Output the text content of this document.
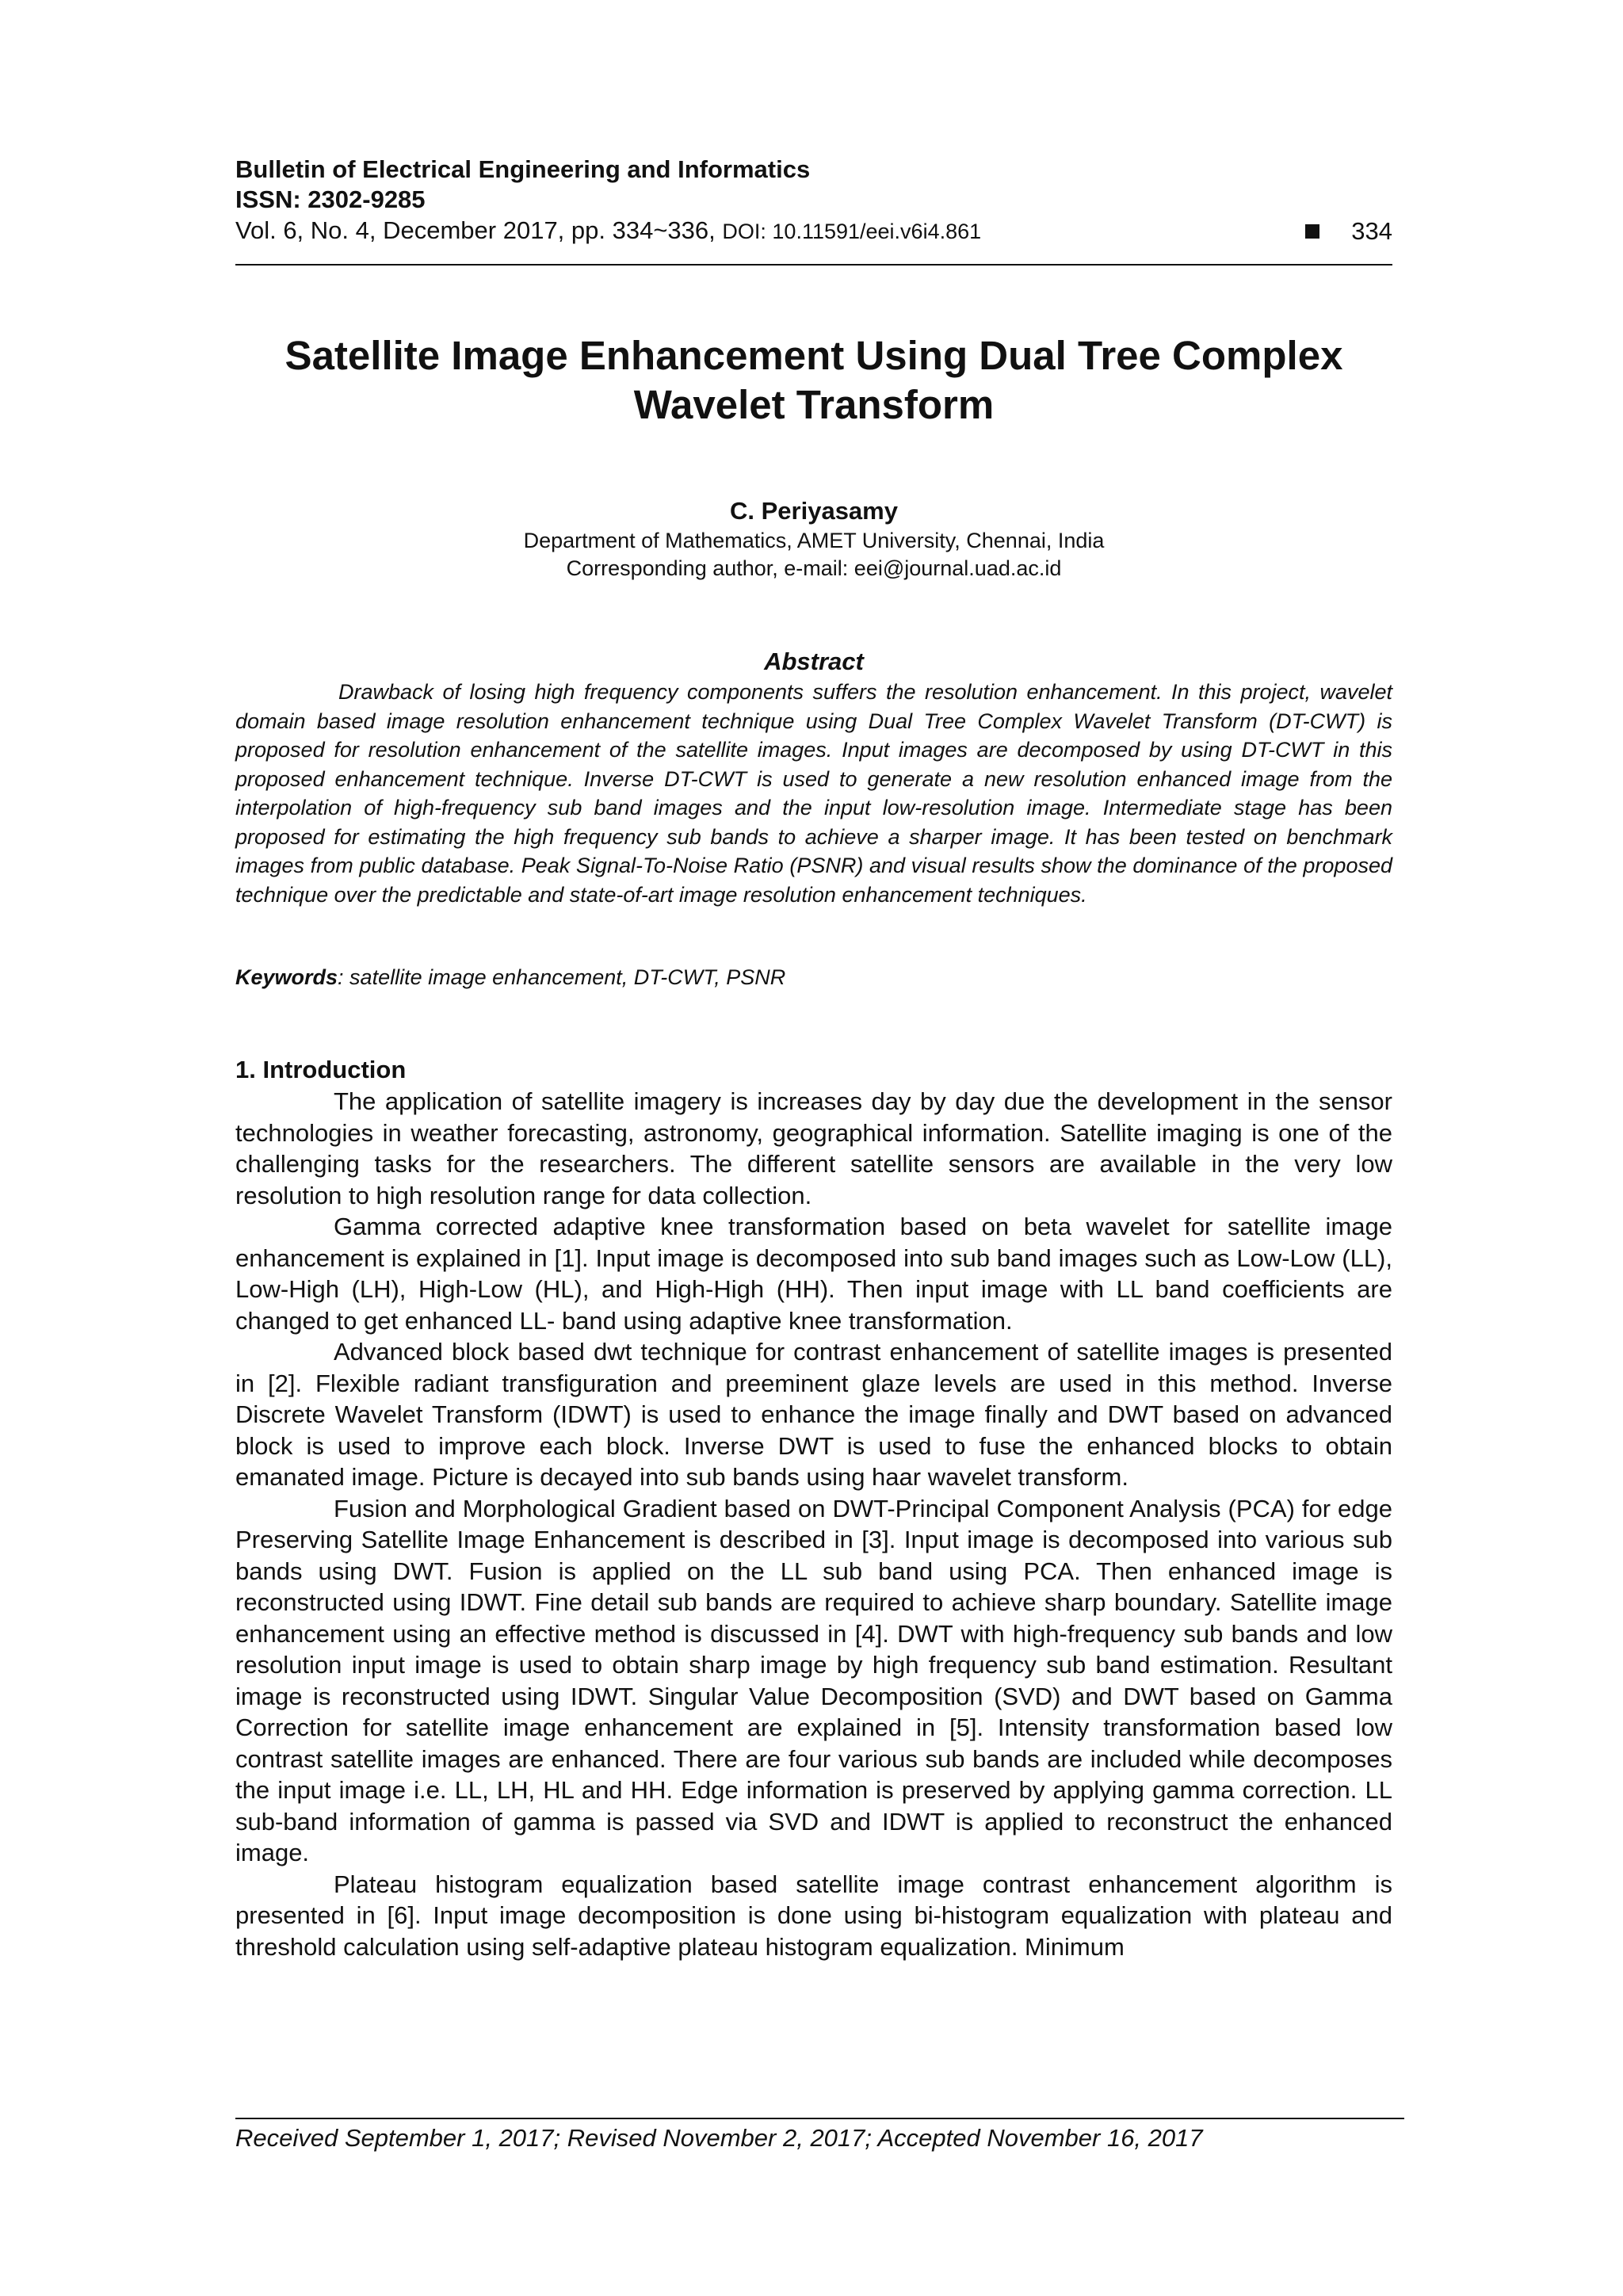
Bulletin of Electrical Engineering and Informatics
ISSN: 2302-9285
Vol. 6, No. 4, December 2017, pp. 334~336, DOI: 10.11591/eei.v6i4.861	334
Satellite Image Enhancement Using Dual Tree Complex
Wavelet Transform
C. Periyasamy
Department of Mathematics, AMET University, Chennai, India
Corresponding author, e-mail: eei@journal.uad.ac.id
Abstract
Drawback of losing high frequency components suffers the resolution enhancement. In this project, wavelet domain based image resolution enhancement technique using Dual Tree Complex Wavelet Transform (DT-CWT) is proposed for resolution enhancement of the satellite images. Input images are decomposed by using DT-CWT in this proposed enhancement technique. Inverse DT-CWT is used to generate a new resolution enhanced image from the interpolation of high-frequency sub band images and the input low-resolution image. Intermediate stage has been proposed for estimating the high frequency sub bands to achieve a sharper image. It has been tested on benchmark images from public database. Peak Signal-To-Noise Ratio (PSNR) and visual results show the dominance of the proposed technique over the predictable and state-of-art image resolution enhancement techniques.
Keywords: satellite image enhancement, DT-CWT, PSNR
1. Introduction

The application of satellite imagery is increases day by day due the development in the sensor technologies in weather forecasting, astronomy, geographical information. Satellite imaging is one of the challenging tasks for the researchers. The different satellite sensors are available in the very low resolution to high resolution range for data collection.

Gamma corrected adaptive knee transformation based on beta wavelet for satellite image enhancement is explained in [1]. Input image is decomposed into sub band images such as Low-Low (LL), Low-High (LH), High-Low (HL), and High-High (HH). Then input image with LL band coefficients are changed to get enhanced LL- band using adaptive knee transformation.

Advanced block based dwt technique for contrast enhancement of satellite images is presented in [2]. Flexible radiant transfiguration and preeminent glaze levels are used in this method. Inverse Discrete Wavelet Transform (IDWT) is used to enhance the image finally and DWT based on advanced block is used to improve each block. Inverse DWT is used to fuse the enhanced blocks to obtain emanated image. Picture is decayed into sub bands using haar wavelet transform.

Fusion and Morphological Gradient based on DWT-Principal Component Analysis (PCA) for edge Preserving Satellite Image Enhancement is described in [3]. Input image is decomposed into various sub bands using DWT. Fusion is applied on the LL sub band using PCA. Then enhanced image is reconstructed using IDWT. Fine detail sub bands are required to achieve sharp boundary. Satellite image enhancement using an effective method is discussed in [4]. DWT with high-frequency sub bands and low resolution input image is used to obtain sharp image by high frequency sub band estimation. Resultant image is reconstructed using IDWT. Singular Value Decomposition (SVD) and DWT based on Gamma Correction for satellite image enhancement are explained in [5]. Intensity transformation based low contrast satellite images are enhanced. There are four various sub bands are included while decomposes the input image i.e. LL, LH, HL and HH. Edge information is preserved by applying gamma correction. LL sub-band information of gamma is passed via SVD and IDWT is applied to reconstruct the enhanced image.

Plateau histogram equalization based satellite image contrast enhancement algorithm is presented in [6]. Input image decomposition is done using bi-histogram equalization with plateau and threshold calculation using self-adaptive plateau histogram equalization. Minimum

Received September 1, 2017; Revised November 2, 2017; Accepted November 16, 2017
